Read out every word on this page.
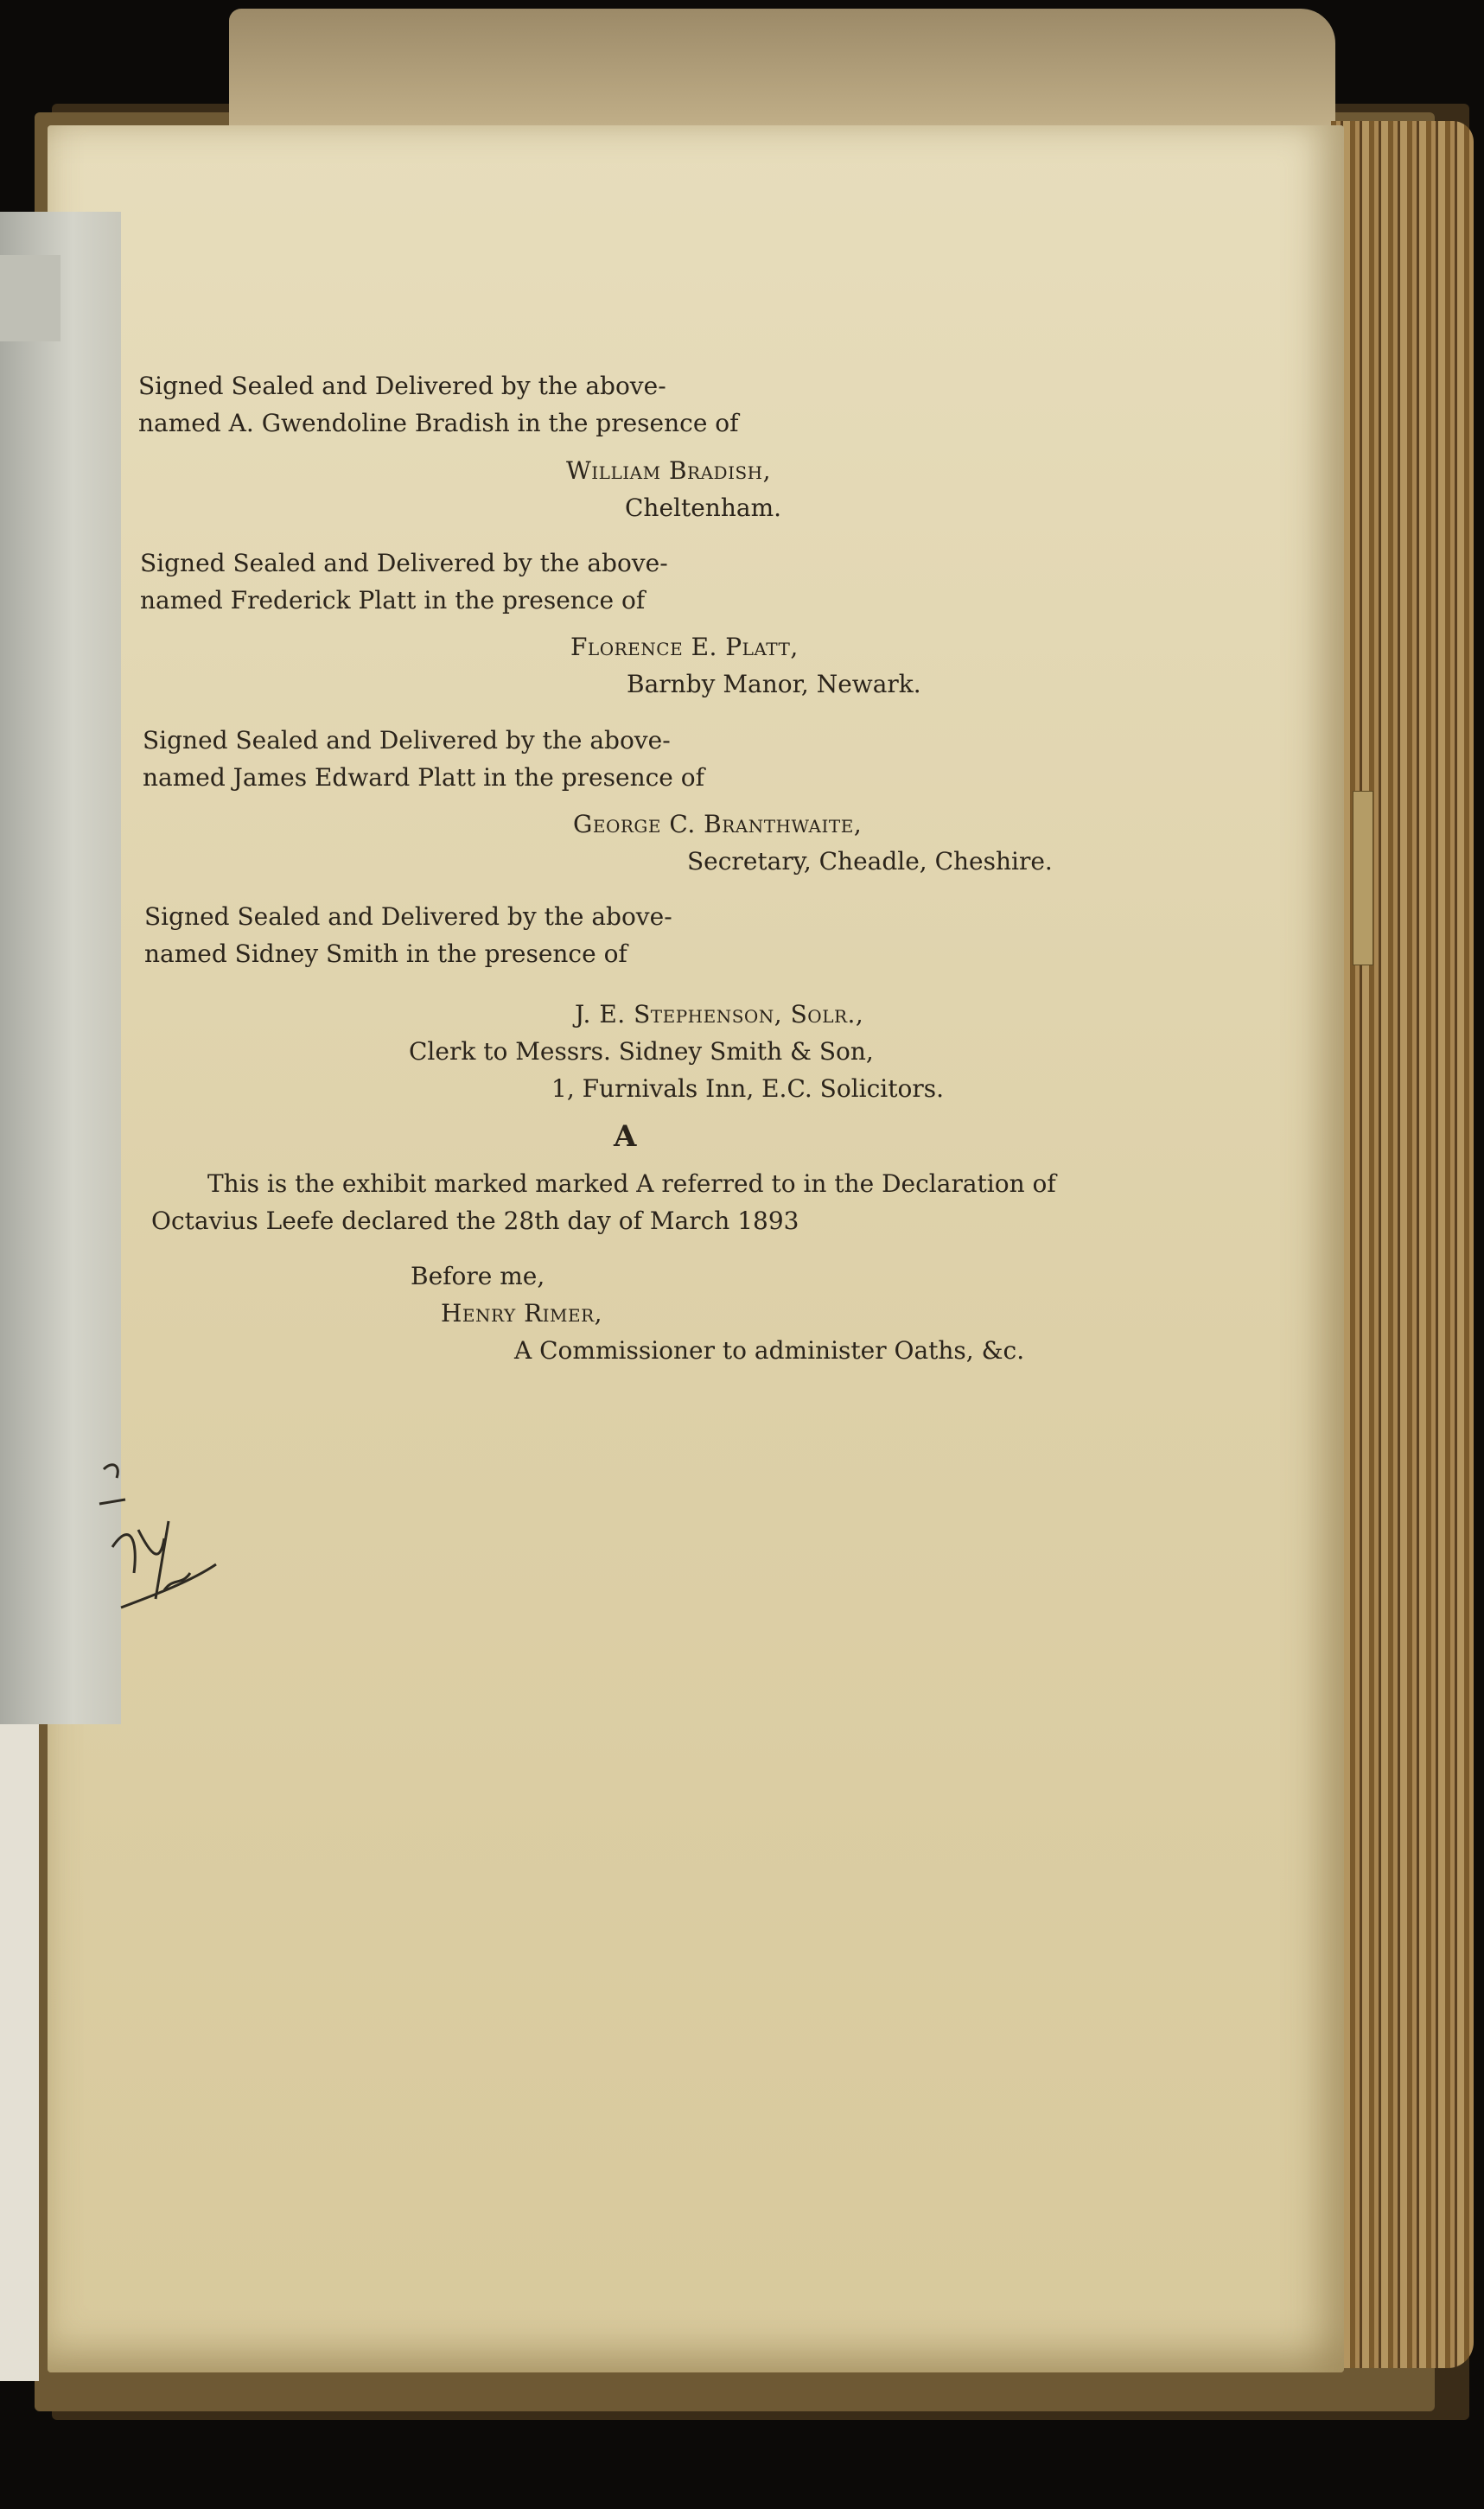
Signed Sealed and Delivered by the above-
named A. Gwendoline Bradish in the presence of
William Bradish,
Cheltenham.
Signed Sealed and Delivered by the above-
named Frederick Platt in the presence of
Florence E. Platt,
Barnby Manor, Newark.
Signed Sealed and Delivered by the above-
named James Edward Platt in the presence of
George C. Branthwaite,
Secretary, Cheadle, Cheshire.
Signed Sealed and Delivered by the above-
named Sidney Smith in the presence of
J. E. Stephenson, Solr.,
Clerk to Messrs. Sidney Smith & Son,
1, Furnivals Inn, E.C. Solicitors.
A
This is the exhibit marked marked A referred to in the Declaration of
Octavius Leefe declared the 28th day of March 1893
Before me,
Henry Rimer,
A Commissioner to administer Oaths, &c.
